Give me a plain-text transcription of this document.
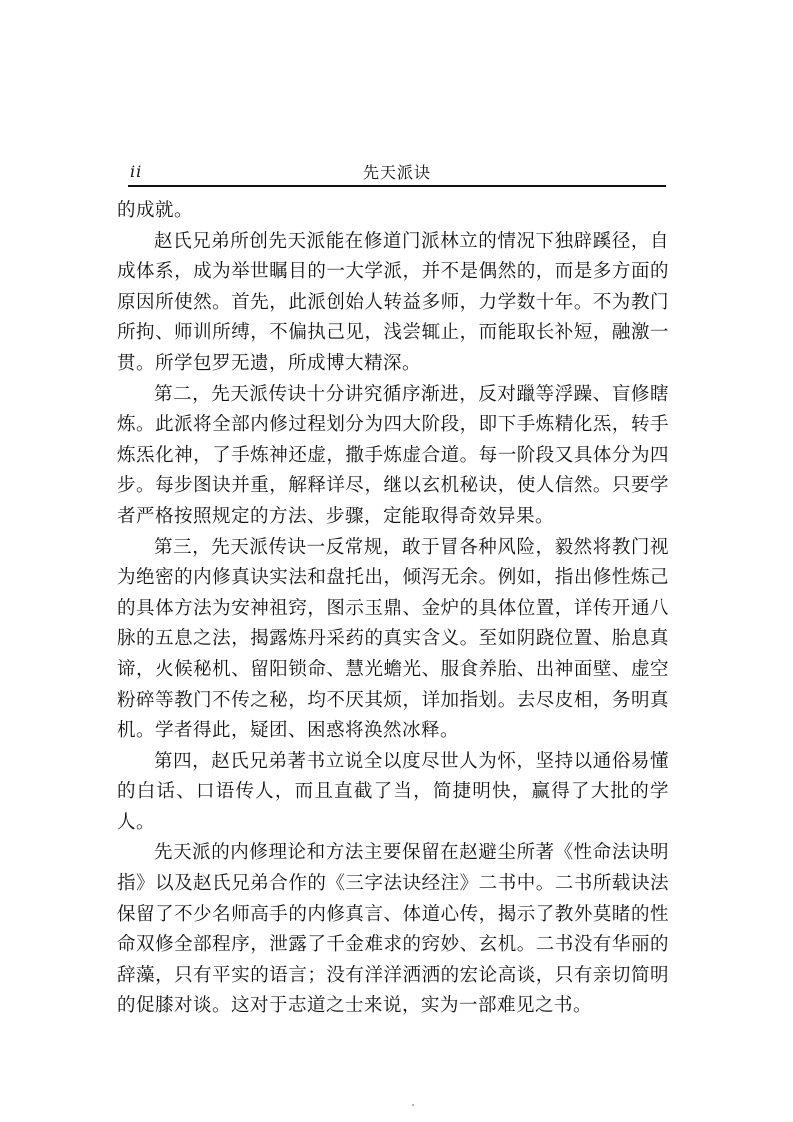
ii	先天派诀

的成就。

赵氏兄弟所创先天派能在修道门派林立的情况下独辟蹊径，自成体系，成为举世瞩目的一大学派，并不是偶然的，而是多方面的原因所使然。首先，此派创始人转益多师，力学数十年。不为教门所拘、师训所缚，不偏执己见，浅尝辄止，而能取长补短，融激一贯。所学包罗无遗，所成博大精深。

第二，先天派传诀十分讲究循序渐进，反对躐等浮躁、盲修瞎炼。此派将全部内修过程划分为四大阶段，即下手炼精化炁，转手炼炁化神，了手炼神还虚，撒手炼虚合道。每一阶段又具体分为四步。每步图诀并重，解释详尽，继以玄机秘诀，使人信然。只要学者严格按照规定的方法、步骤，定能取得奇效异果。

第三，先天派传诀一反常规，敢于冒各种风险，毅然将教门视为绝密的内修真诀实法和盘托出，倾泻无余。例如，指出修性炼己的具体方法为安神祖窍，图示玉鼎、金炉的具体位置，详传开通八脉的五息之法，揭露炼丹采药的真实含义。至如阴跷位置、胎息真谛，火候秘机、留阳锁命、慧光蟾光、服食养胎、出神面壁、虚空粉碎等教门不传之秘，均不厌其烦，详加指划。去尽皮相，务明真机。学者得此，疑团、困惑将涣然冰释。

第四，赵氏兄弟著书立说全以度尽世人为怀，坚持以通俗易懂的白话、口语传人，而且直截了当，简捷明快，赢得了大批的学人。

先天派的内修理论和方法主要保留在赵避尘所著《性命法诀明指》以及赵氏兄弟合作的《三字法诀经注》二书中。二书所载诀法保留了不少名师高手的内修真言、体道心传，揭示了教外莫睹的性命双修全部程序，泄露了千金难求的窍妙、玄机。二书没有华丽的辞藻，只有平实的语言；没有洋洋洒洒的宏论高谈，只有亲切简明的促膝对谈。这对于志道之士来说，实为一部难见之书。
